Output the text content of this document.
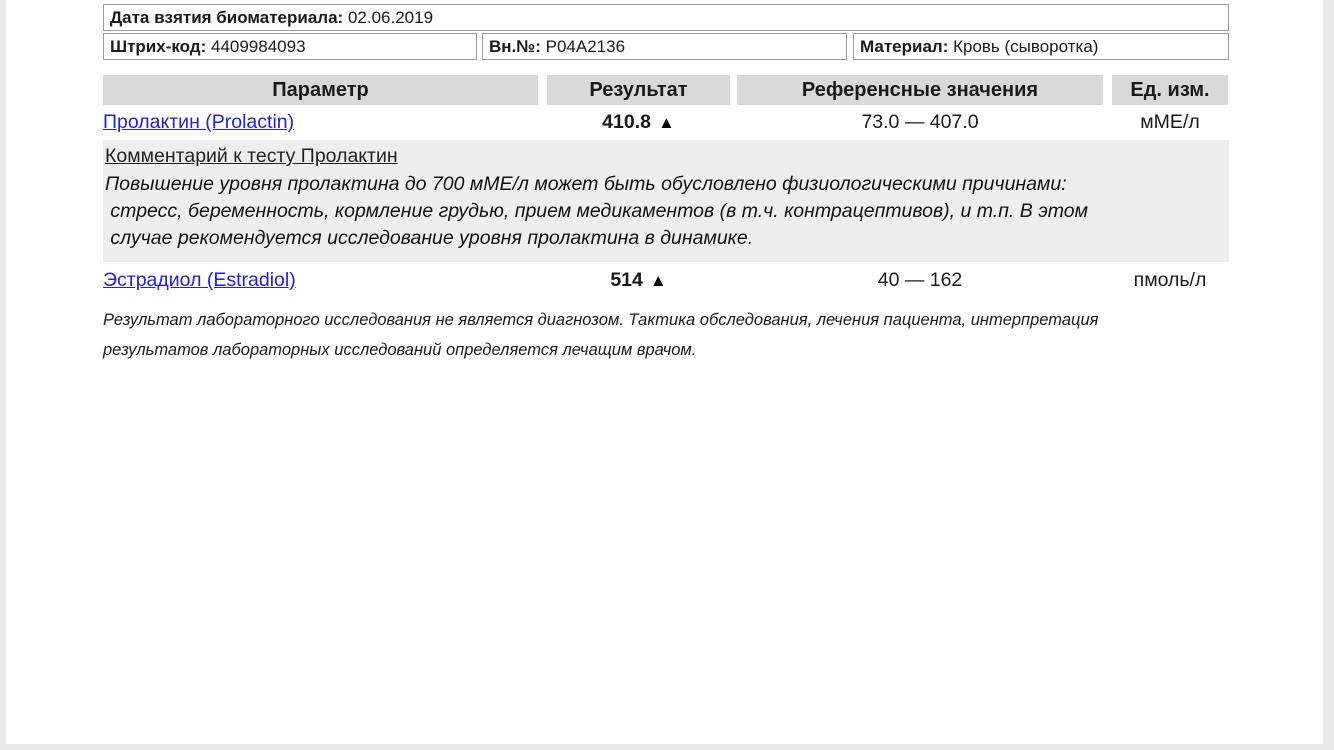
Дата взятия биоматериала: 02.06.2019
Штрих-код: 4409984093	Вн.№: P04A2136	Материал: Кровь (сыворотка)
Параметр	Результат	Референсные значения	Ед. изм.
Пролактин (Prolactin)	410.8 ▲	73.0 — 407.0	мМЕ/л
Комментарий к тесту Пролактин
Повышение уровня пролактина до 700 мМЕ/л может быть обусловлено физиологическими причинами:
стресс, беременность, кормление грудью, прием медикаментов (в т.ч. контрацептивов), и т.п. В этом
случае рекомендуется исследование уровня пролактина в динамике.
Эстрадиол (Estradiol)	514 ▲	40 — 162	пмоль/л
Результат лабораторного исследования не является диагнозом. Тактика обследования, лечения пациента, интерпретация
результатов лабораторных исследований определяется лечащим врачом.
